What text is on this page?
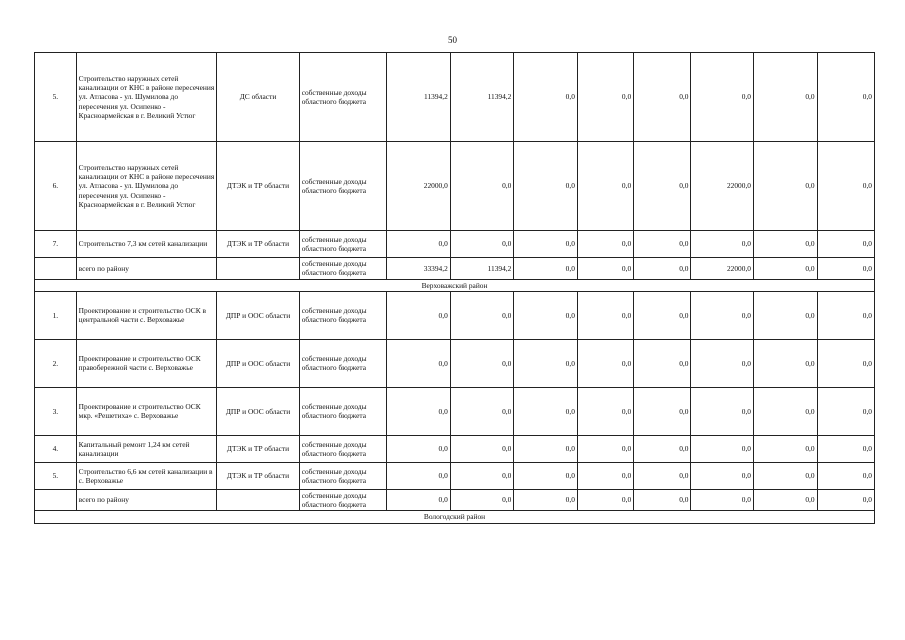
50
5.	Строительство наружных сетей канализации от КНС в районе пересечения ул. Атласова - ул. Шумилова до пересечения ул. Осипенко - Красноармейская в г. Великий Устюг	ДС области	собственные доходы областного бюджета	11394,2	11394,2	0,0	0,0	0,0	0,0	0,0	0,0
6.	Строительство наружных сетей канализации от КНС в районе пересечения ул. Атласова - ул. Шумилова до пересечения ул. Осипенко - Красноармейская в г. Великий Устюг	ДТЭК и ТР области	собственные доходы областного бюджета	22000,0	0,0	0,0	0,0	0,0	22000,0	0,0	0,0
7.	Строительство 7,3 км сетей канализации	ДТЭК и ТР области	собственные доходы областного бюджета	0,0	0,0	0,0	0,0	0,0	0,0	0,0	0,0
	всего по району		собственные доходы областного бюджета	33394,2	11394,2	0,0	0,0	0,0	22000,0	0,0	0,0
Верховажский район											
1.	Проектирование и строительство ОСК в центральной части с. Верховажье	ДПР и ООС области	собственные доходы областного бюджета	0,0	0,0	0,0	0,0	0,0	0,0	0,0	0,0
2.	Проектирование и строительство ОСК правобережной части с. Верховажье	ДПР и ООС области	собственные доходы областного бюджета	0,0	0,0	0,0	0,0	0,0	0,0	0,0	0,0
3.	Проектирование и строительство ОСК мкр. «Решетиха» с. Верховажье	ДПР и ООС области	собственные доходы областного бюджета	0,0	0,0	0,0	0,0	0,0	0,0	0,0	0,0
4.	Капитальный ремонт 1,24 км сетей канализации	ДТЭК и ТР области	собственные доходы областного бюджета	0,0	0,0	0,0	0,0	0,0	0,0	0,0	0,0
5.	Строительство 6,6 км сетей канализации в с. Верховажье	ДТЭК и ТР области	собственные доходы областного бюджета	0,0	0,0	0,0	0,0	0,0	0,0	0,0	0,0
	всего по району		собственные доходы областного бюджета	0,0	0,0	0,0	0,0	0,0	0,0	0,0	0,0
Вологодский район											
